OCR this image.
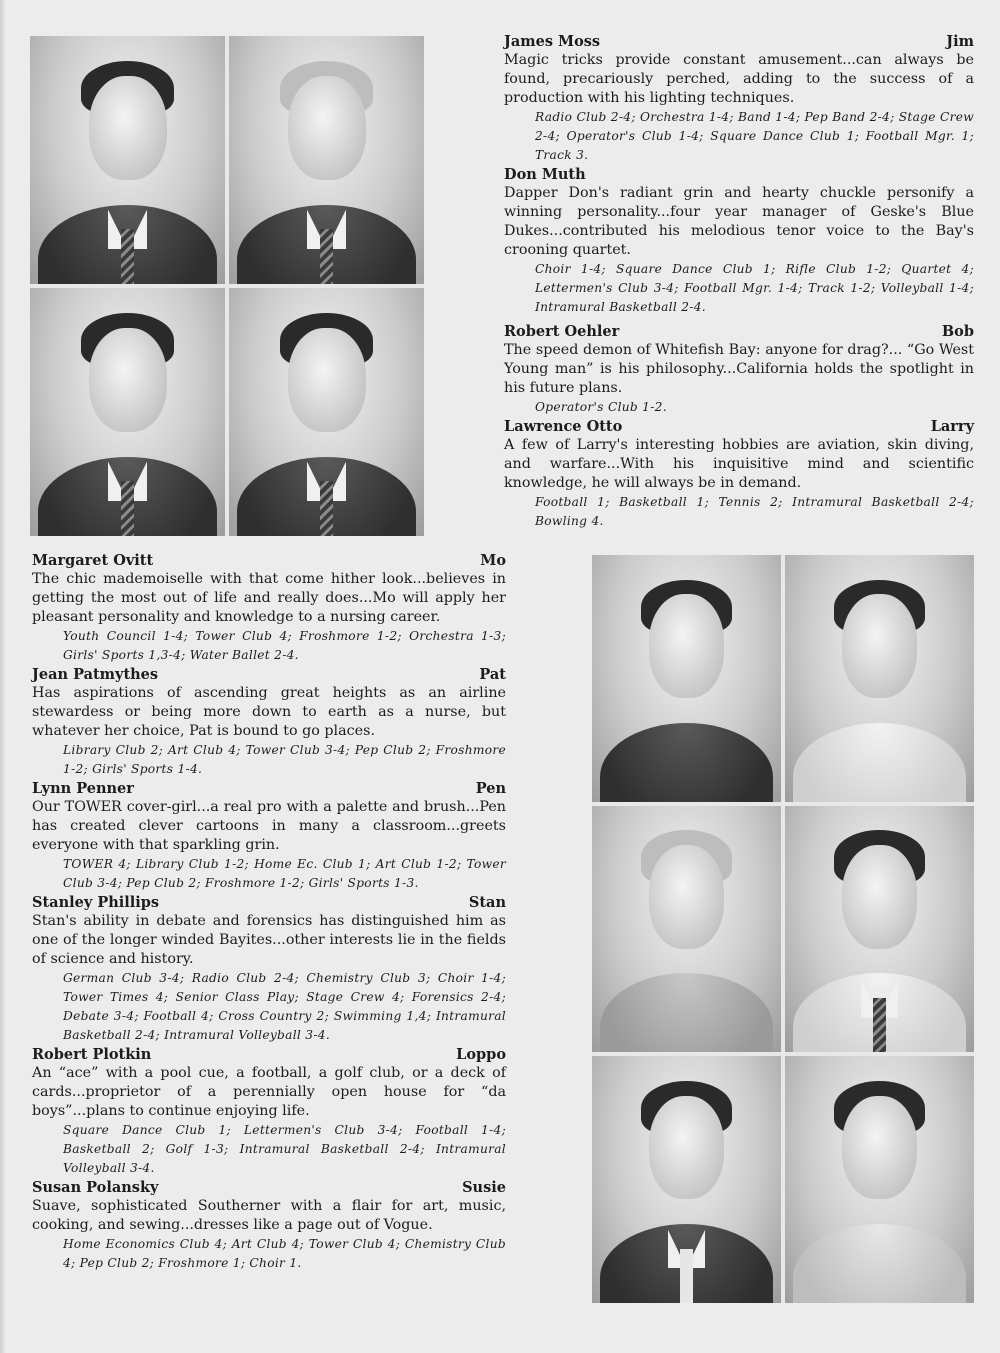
James Moss	Jim
Magic tricks provide constant amusement...can always be found, precariously perched, adding to the success of a production with his lighting techniques.
Radio Club 2-4; Orchestra 1-4; Band 1-4; Pep Band 2-4; Stage Crew 2-4; Operator's Club 1-4; Square Dance Club 1; Football Mgr. 1; Track 3.
Don Muth
Dapper Don's radiant grin and hearty chuckle personify a winning personality...four year manager of Geske's Blue Dukes...contributed his melodious tenor voice to the Bay's crooning quartet.
Choir 1-4; Square Dance Club 1; Rifle Club 1-2; Quartet 4; Lettermen's Club 3-4; Football Mgr. 1-4; Track 1-2; Volleyball 1-4; Intramural Basketball 2-4.
Robert Oehler	Bob
The speed demon of Whitefish Bay: anyone for drag?... “Go West Young man” is his philosophy...California holds the spotlight in his future plans.
Operator's Club 1-2.
Lawrence Otto	Larry
A few of Larry's interesting hobbies are aviation, skin diving, and warfare...With his inquisitive mind and scientific knowledge, he will always be in demand.
Football 1; Basketball 1; Tennis 2; Intramural Basketball 2-4; Bowling 4.
Margaret Ovitt	Mo
The chic mademoiselle with that come hither look...believes in getting the most out of life and really does...Mo will apply her pleasant personality and knowledge to a nursing career.
Youth Council 1-4; Tower Club 4; Froshmore 1-2; Orchestra 1-3; Girls' Sports 1,3-4; Water Ballet 2-4.
Jean Patmythes	Pat
Has aspirations of ascending great heights as an airline stewardess or being more down to earth as a nurse, but whatever her choice, Pat is bound to go places.
Library Club 2; Art Club 4; Tower Club 3-4; Pep Club 2; Froshmore 1-2; Girls' Sports 1-4.
Lynn Penner	Pen
Our TOWER cover-girl...a real pro with a palette and brush...Pen has created clever cartoons in many a classroom...greets everyone with that sparkling grin.
TOWER 4; Library Club 1-2; Home Ec. Club 1; Art Club 1-2; Tower Club 3-4; Pep Club 2; Froshmore 1-2; Girls' Sports 1-3.
Stanley Phillips	Stan
Stan's ability in debate and forensics has distinguished him as one of the longer winded Bayites...other interests lie in the fields of science and history.
German Club 3-4; Radio Club 2-4; Chemistry Club 3; Choir 1-4; Tower Times 4; Senior Class Play; Stage Crew 4; Forensics 2-4; Debate 3-4; Football 4; Cross Country 2; Swimming 1,4; Intramural Basketball 2-4; Intramural Volleyball 3-4.
Robert Plotkin	Loppo
An “ace” with a pool cue, a football, a golf club, or a deck of cards...proprietor of a perennially open house for “da boys”...plans to continue enjoying life.
Square Dance Club 1; Lettermen's Club 3-4; Football 1-4; Basketball 2; Golf 1-3; Intramural Basketball 2-4; Intramural Volleyball 3-4.
Susan Polansky	Susie
Suave, sophisticated Southerner with a flair for art, music, cooking, and sewing...dresses like a page out of Vogue.
Home Economics Club 4; Art Club 4; Tower Club 4; Chemistry Club 4; Pep Club 2; Froshmore 1; Choir 1.
